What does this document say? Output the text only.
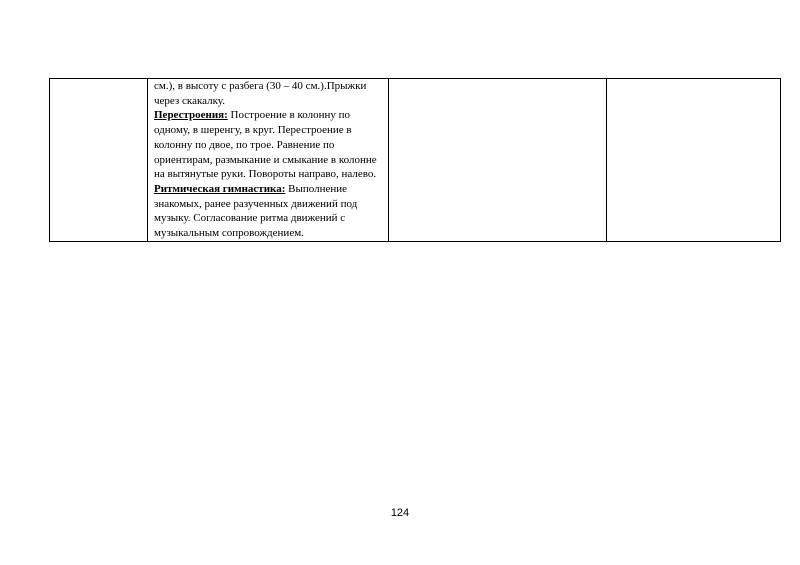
см.), в высоту с разбега (30 – 40 см.).Прыжки через скакалку.

Перестроения: Построение в колонну по одному, в шеренгу, в круг. Перестроение в колонну по двое, по трое. Равнение по ориентирам, размыкание и смыкание в колонне на вытянутые руки. Повороты направо, налево.

Ритмическая гимнастика: Выполнение знакомых, ранее разученных движений под музыку. Согласование ритма движений с музыкальным сопровождением.

124
